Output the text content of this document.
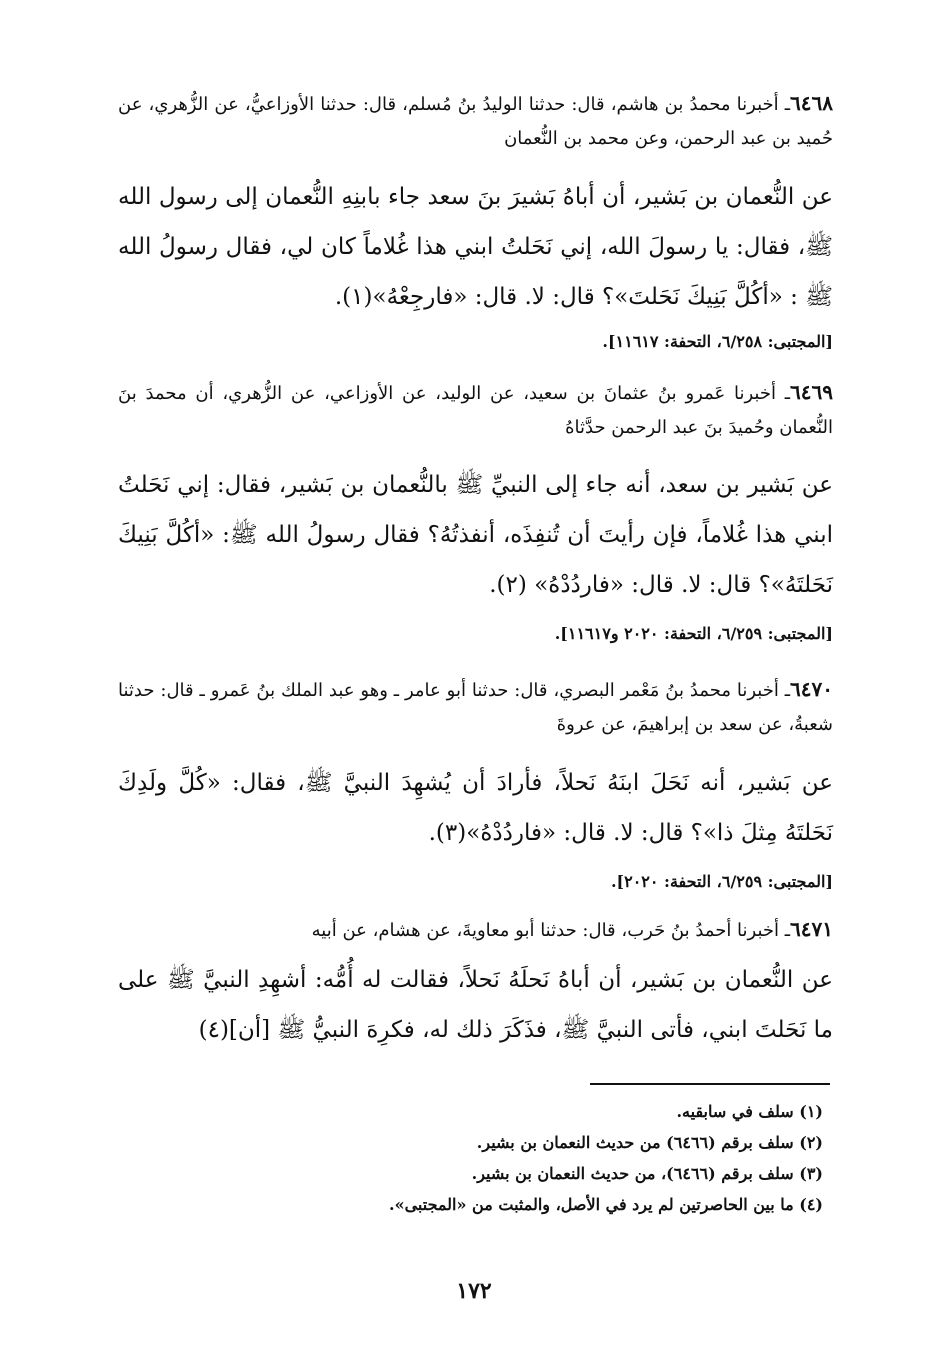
٦٤٦٨ـ أخبرنا محمدُ بن هاشم، قال: حدثنا الوليدُ بنُ مُسلم، قال: حدثنا الأوزاعيُّ، عن الزُّهري، عن حُميد بن عبد الرحمن، وعن محمد بن النُّعمان
عن النُّعمان بن بَشير، أن أباهُ بَشيرَ بنَ سعد جاء بابنِهِ النُّعمان إلى رسول الله ﷺ، فقال: يا رسولَ الله، إني نَحَلتُ ابني هذا غُلاماً كان لي، فقال رسولُ الله ﷺ : «أكُلَّ بَنِيكَ نَحَلتَ»؟ قال: لا. قال: «فارجِعْهُ»(١).
[المجتبى: ٦/٢٥٨، التحفة: ١١٦١٧].
٦٤٦٩ـ أخبرنا عَمرو بنُ عثمانَ بن سعيد، عن الوليد، عن الأوزاعي، عن الزُّهري، أن محمدَ بنَ النُّعمان وحُميدَ بنَ عبد الرحمن حدَّثاهُ
عن بَشير بن سعد، أنه جاء إلى النبيِّ ﷺ بالنُّعمان بن بَشير، فقال: إني نَحَلتُ ابني هذا غُلاماً، فإن رأيتَ أن تُنفِذَه، أنفذتُهُ؟ فقال رسولُ الله ﷺ: «أكُلَّ بَنِيكَ نَحَلتَهُ»؟ قال: لا. قال: «فاردُدْهُ» (٢).
[المجتبى: ٦/٢٥٩، التحفة: ٢٠٢٠ و١١٦١٧].
٦٤٧٠ـ أخبرنا محمدُ بنُ مَعْمر البصري، قال: حدثنا أبو عامر ـ وهو عبد الملك بنُ عَمرو ـ قال: حدثنا شعبةُ، عن سعد بن إبراهيمَ، عن عروةَ
عن بَشير، أنه نَحَلَ ابنَهُ نَحلاً، فأرادَ أن يُشهِدَ النبيَّ ﷺ، فقال: «كُلَّ ولَدِكَ نَحَلتَهُ مِثلَ ذا»؟ قال: لا. قال: «فاردُدْهُ»(٣).
[المجتبى: ٦/٢٥٩، التحفة: ٢٠٢٠].
٦٤٧١ـ أخبرنا أحمدُ بنُ حَرب، قال: حدثنا أبو معاويةَ، عن هشام، عن أبيه
عن النُّعمان بن بَشير، أن أباهُ نَحلَهُ نَحلاً، فقالت له أُمُّه: أشهِدِ النبيَّ ﷺ على ما نَحَلتَ ابني، فأتى النبيَّ ﷺ، فذَكَرَ ذلك له، فكرِهَ النبيُّ ﷺ [أن](٤)
(١) سلف في سابقيه.
(٢) سلف برقم (٦٤٦٦) من حديث النعمان بن بشير.
(٣) سلف برقم (٦٤٦٦)، من حديث النعمان بن بشير.
(٤) ما بين الحاصرتين لم يرد في الأصل، والمثبت من «المجتبى».
١٧٢
